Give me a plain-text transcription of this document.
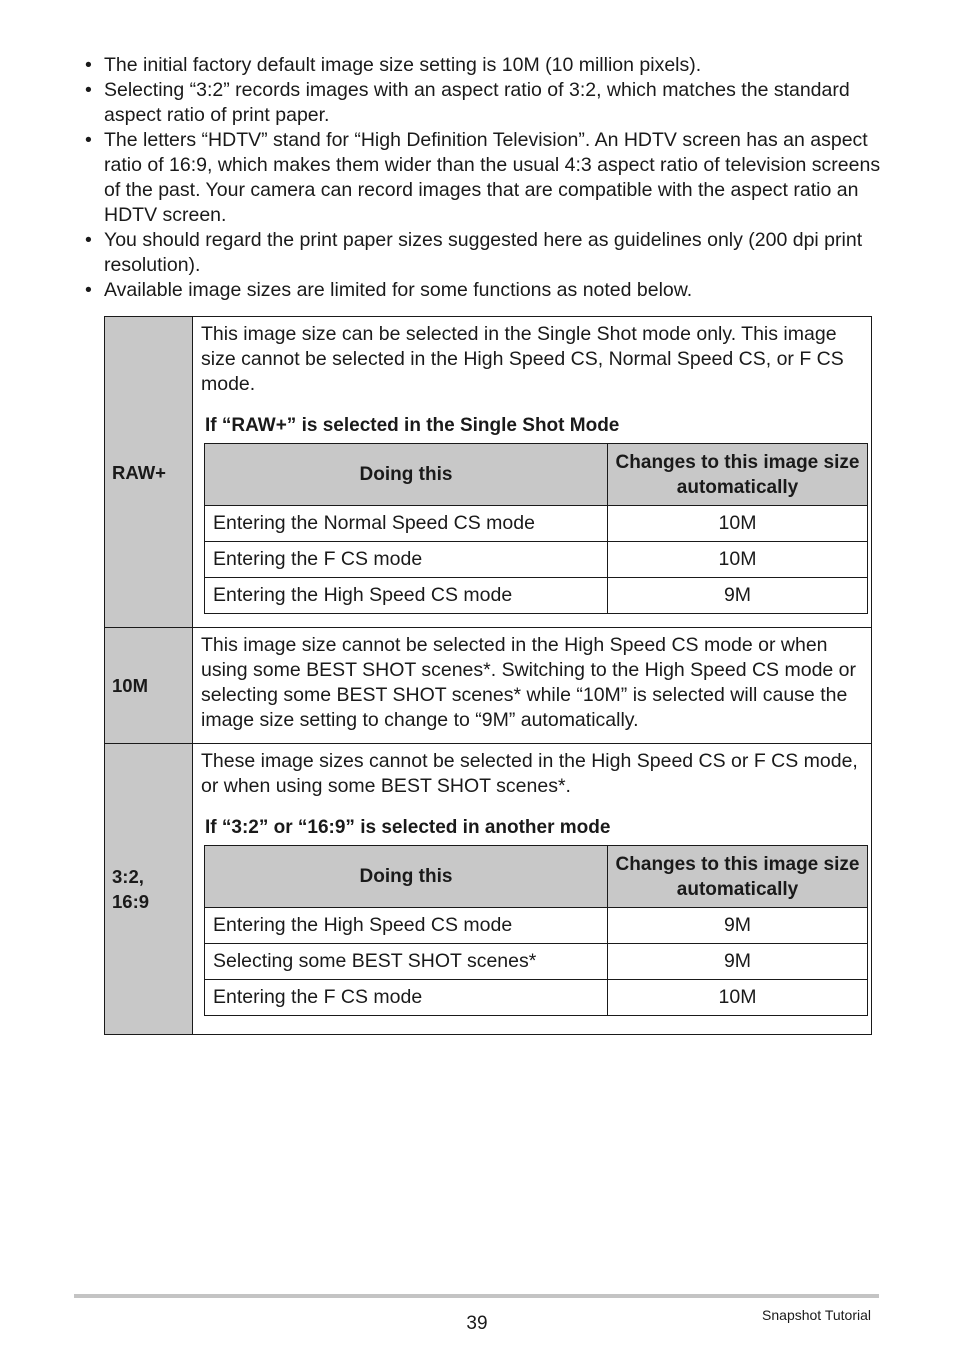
• The initial factory default image size setting is 10M (10 million pixels).
• Selecting “3:2” records images with an aspect ratio of 3:2, which matches the standard aspect ratio of print paper.
• The letters “HDTV” stand for “High Definition Television”. An HDTV screen has an aspect ratio of 16:9, which makes them wider than the usual 4:3 aspect ratio of television screens of the past. Your camera can record images that are compatible with the aspect ratio an HDTV screen.
• You should regard the print paper sizes suggested here as guidelines only (200 dpi print resolution).
• Available image sizes are limited for some functions as noted below.
RAW+	

This image size can be selected in the Single Shot mode only. This image size cannot be selected in the High Speed CS, Normal Speed CS, or F CS mode.

If “RAW+” is selected in the Single Shot Mode
Doing this	Changes to this image size automatically
Entering the Normal Speed CS mode	10M
Entering the F CS mode	10M
Entering the High Speed CS mode	9M

10M	

This image size cannot be selected in the High Speed CS mode or when using some BEST SHOT scenes*. Switching to the High Speed CS mode or selecting some BEST SHOT scenes* while “10M” is selected will cause the image size setting to change to “9M” automatically.

3:2,
16:9

These image sizes cannot be selected in the High Speed CS or F CS mode, or when using some BEST SHOT scenes*.

If “3:2” or “16:9” is selected in another mode
Doing this	Changes to this image size automatically
Entering the High Speed CS mode	9M
Selecting some BEST SHOT scenes*	9M
Entering the F CS mode	10M
39	Snapshot Tutorial
